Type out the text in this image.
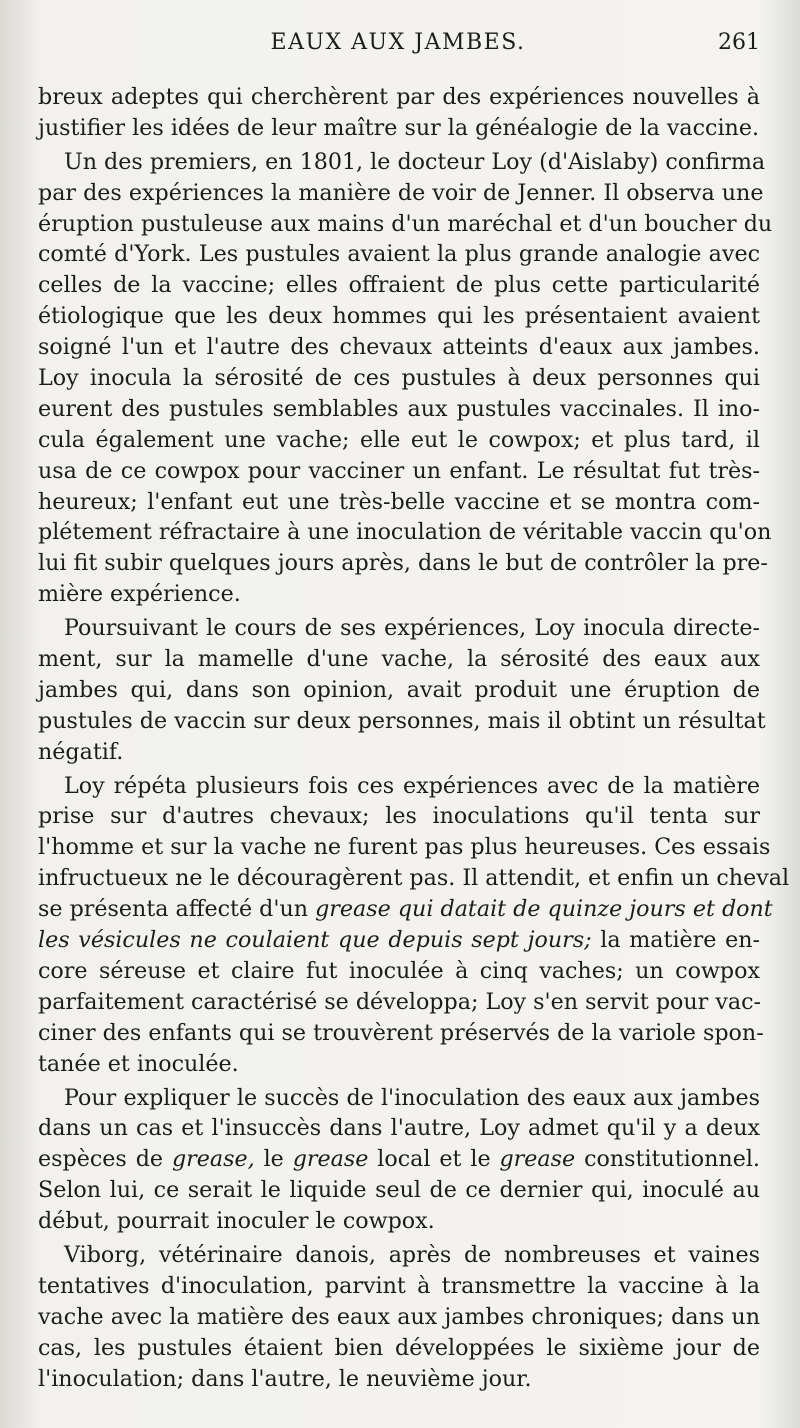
EAUX AUX JAMBES.	261
breux adeptes qui cherchèrent par des expériences nouvelles à
justifier les idées de leur maître sur la généalogie de la vaccine.
Un des premiers, en 1801, le docteur Loy (d'Aislaby) confirma
par des expériences la manière de voir de Jenner. Il observa une
éruption pustuleuse aux mains d'un maréchal et d'un boucher du
comté d'York. Les pustules avaient la plus grande analogie avec
celles de la vaccine; elles offraient de plus cette particularité
étiologique que les deux hommes qui les présentaient avaient
soigné l'un et l'autre des chevaux atteints d'eaux aux jambes.
Loy inocula la sérosité de ces pustules à deux personnes qui
eurent des pustules semblables aux pustules vaccinales. Il ino-
cula également une vache; elle eut le cowpox; et plus tard, il
usa de ce cowpox pour vacciner un enfant. Le résultat fut très-
heureux; l'enfant eut une très-belle vaccine et se montra com-
plétement réfractaire à une inoculation de véritable vaccin qu'on
lui fit subir quelques jours après, dans le but de contrôler la pre-
mière expérience.
Poursuivant le cours de ses expériences, Loy inocula directe-
ment, sur la mamelle d'une vache, la sérosité des eaux aux
jambes qui, dans son opinion, avait produit une éruption de
pustules de vaccin sur deux personnes, mais il obtint un résultat
négatif.
Loy répéta plusieurs fois ces expériences avec de la matière
prise sur d'autres chevaux; les inoculations qu'il tenta sur
l'homme et sur la vache ne furent pas plus heureuses. Ces essais
infructueux ne le découragèrent pas. Il attendit, et enfin un cheval
se présenta affecté d'un grease qui datait de quinze jours et dont
les vésicules ne coulaient que depuis sept jours; la matière en-
core séreuse et claire fut inoculée à cinq vaches; un cowpox
parfaitement caractérisé se développa; Loy s'en servit pour vac-
ciner des enfants qui se trouvèrent préservés de la variole spon-
tanée et inoculée.
Pour expliquer le succès de l'inoculation des eaux aux jambes
dans un cas et l'insuccès dans l'autre, Loy admet qu'il y a deux
espèces de grease, le grease local et le grease constitutionnel.
Selon lui, ce serait le liquide seul de ce dernier qui, inoculé au
début, pourrait inoculer le cowpox.
Viborg, vétérinaire danois, après de nombreuses et vaines
tentatives d'inoculation, parvint à transmettre la vaccine à la
vache avec la matière des eaux aux jambes chroniques; dans un
cas, les pustules étaient bien développées le sixième jour de
l'inoculation; dans l'autre, le neuvième jour.
